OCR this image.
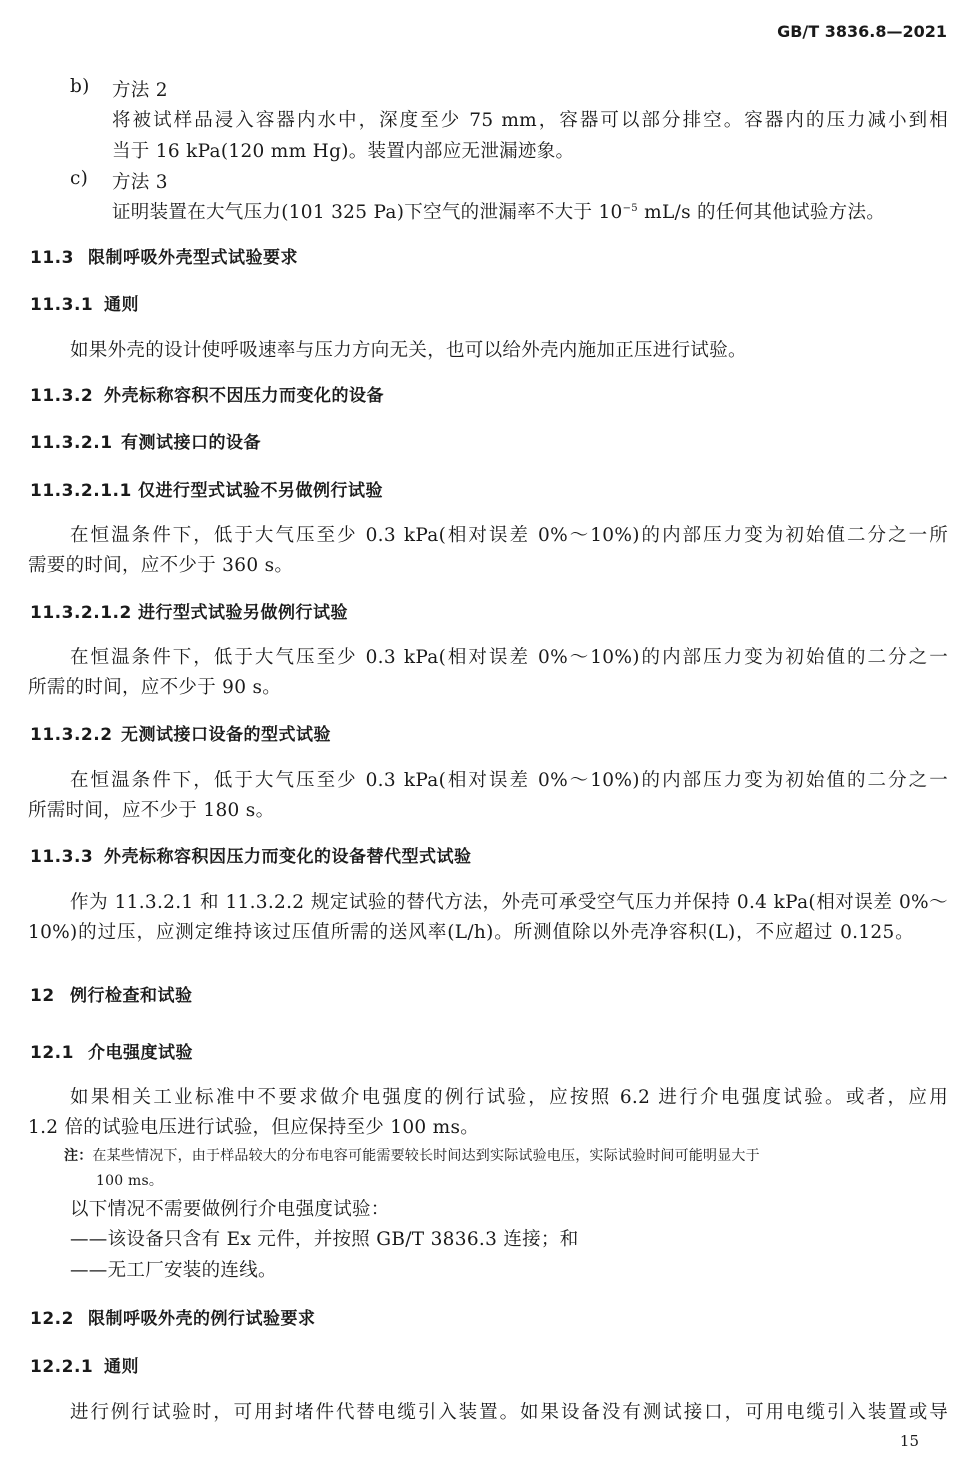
GB/T 3836.8—2021
b) 方法 2
将被试样品浸入容器内水中，深度至少 75 mm，容器可以部分排空。容器内的压力减小到相
当于 16 kPa(120 mm Hg)。装置内部应无泄漏迹象。
c) 方法 3
证明装置在大气压力(101 325 Pa)下空气的泄漏率不大于 $10^{-5}$ mL/s 的任何其他试验方法。
11.3 限制呼吸外壳型式试验要求
11.3.1 通则
如果外壳的设计使呼吸速率与压力方向无关，也可以给外壳内施加正压进行试验。
11.3.2 外壳标称容积不因压力而变化的设备
11.3.2.1 有测试接口的设备
11.3.2.1.1 仅进行型式试验不另做例行试验
在恒温条件下，低于大气压至少 0.3 kPa(相对误差 0%～10%)的内部压力变为初始值二分之一所
需要的时间，应不少于 360 s。
11.3.2.1.2 进行型式试验另做例行试验
在恒温条件下，低于大气压至少 0.3 kPa(相对误差 0%～10%)的内部压力变为初始值的二分之一
所需的时间，应不少于 90 s。
11.3.2.2 无测试接口设备的型式试验
在恒温条件下，低于大气压至少 0.3 kPa(相对误差 0%～10%)的内部压力变为初始值的二分之一
所需时间，应不少于 180 s。
11.3.3 外壳标称容积因压力而变化的设备替代型式试验
作为 11.3.2.1 和 11.3.2.2 规定试验的替代方法，外壳可承受空气压力并保持 0.4 kPa(相对误差 0%～
10%)的过压，应测定维持该过压值所需的送风率(L/h)。所测值除以外壳净容积(L)，不应超过 0.125。
12 例行检查和试验
12.1 介电强度试验
如果相关工业标准中不要求做介电强度的例行试验，应按照 6.2 进行介电强度试验。或者，应用
1.2 倍的试验电压进行试验，但应保持至少 100 ms。
注：在某些情况下，由于样品较大的分布电容可能需要较长时间达到实际试验电压，实际试验时间可能明显大于
100 ms。
以下情况不需要做例行介电强度试验：
——该设备只含有 Ex 元件，并按照 GB/T 3836.3 连接；和
——无工厂安装的连线。
12.2 限制呼吸外壳的例行试验要求
12.2.1 通则
进行例行试验时，可用封堵件代替电缆引入装置。如果设备没有测试接口，可用电缆引入装置或导
15
